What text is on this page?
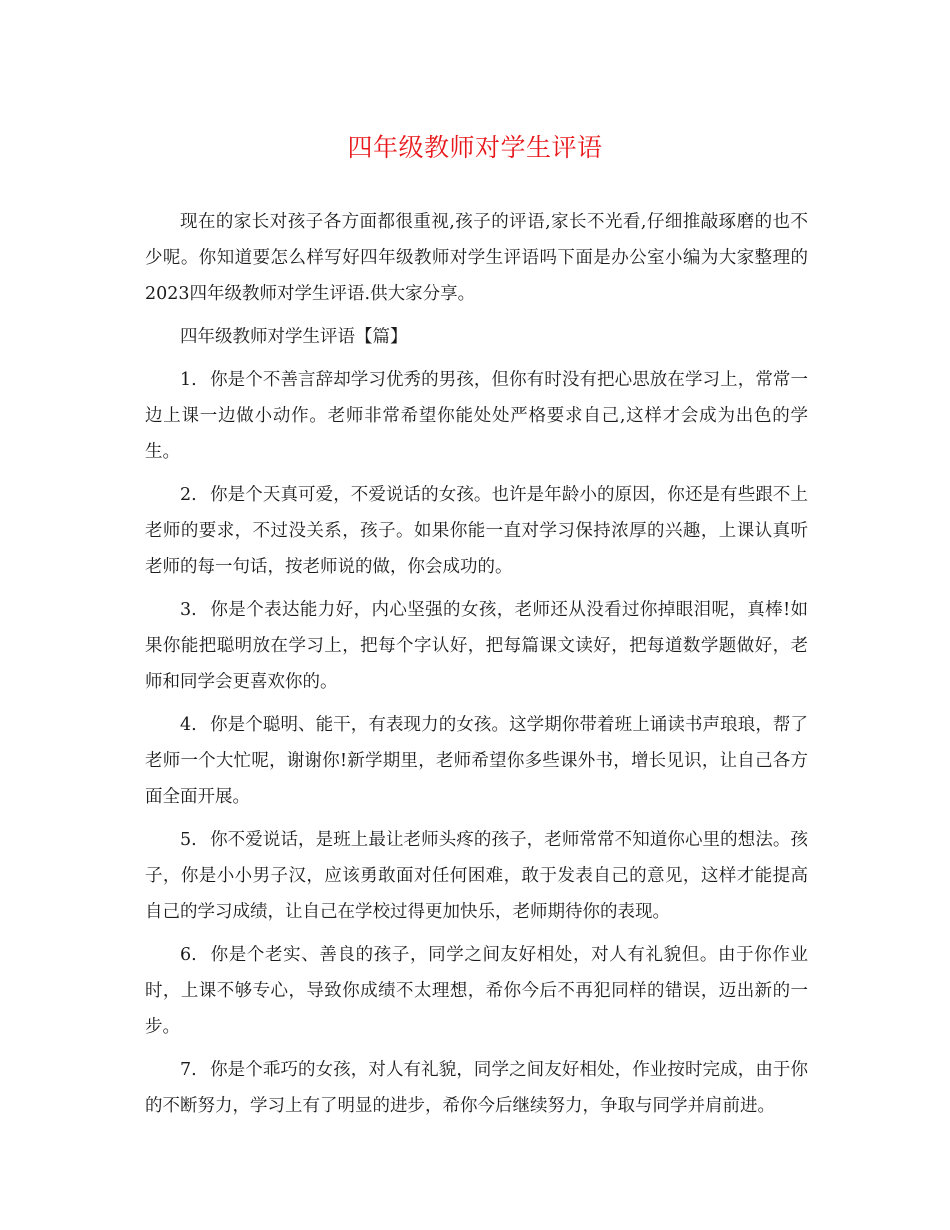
四年级教师对学生评语

现在的家长对孩子各方面都很重视,孩子的评语,家长不光看,仔细推敲琢磨的也不少呢。你知道要怎么样写好四年级教师对学生评语吗下面是办公室小编为大家整理的2023四年级教师对学生评语.供大家分享。

四年级教师对学生评语【篇】

1. 你是个不善言辞却学习优秀的男孩，但你有时没有把心思放在学习上，常常一边上课一边做小动作。老师非常希望你能处处严格要求自己,这样才会成为出色的学生。

2. 你是个天真可爱，不爱说话的女孩。也许是年龄小的原因，你还是有些跟不上老师的要求，不过没关系，孩子。如果你能一直对学习保持浓厚的兴趣，上课认真听老师的每一句话，按老师说的做，你会成功的。

3. 你是个表达能力好，内心坚强的女孩，老师还从没看过你掉眼泪呢，真棒!如果你能把聪明放在学习上，把每个字认好，把每篇课文读好，把每道数学题做好，老师和同学会更喜欢你的。

4. 你是个聪明、能干，有表现力的女孩。这学期你带着班上诵读书声琅琅，帮了老师一个大忙呢，谢谢你!新学期里，老师希望你多些课外书，增长见识，让自己各方面全面开展。

5. 你不爱说话，是班上最让老师头疼的孩子，老师常常不知道你心里的想法。孩子，你是小小男子汉，应该勇敢面对任何困难，敢于发表自己的意见，这样才能提高自己的学习成绩，让自己在学校过得更加快乐，老师期待你的表现。

6. 你是个老实、善良的孩子，同学之间友好相处，对人有礼貌但。由于你作业时，上课不够专心，导致你成绩不太理想，希你今后不再犯同样的错误，迈出新的一步。

7. 你是个乖巧的女孩，对人有礼貌，同学之间友好相处，作业按时完成，由于你的不断努力，学习上有了明显的进步，希你今后继续努力，争取与同学并肩前进。
